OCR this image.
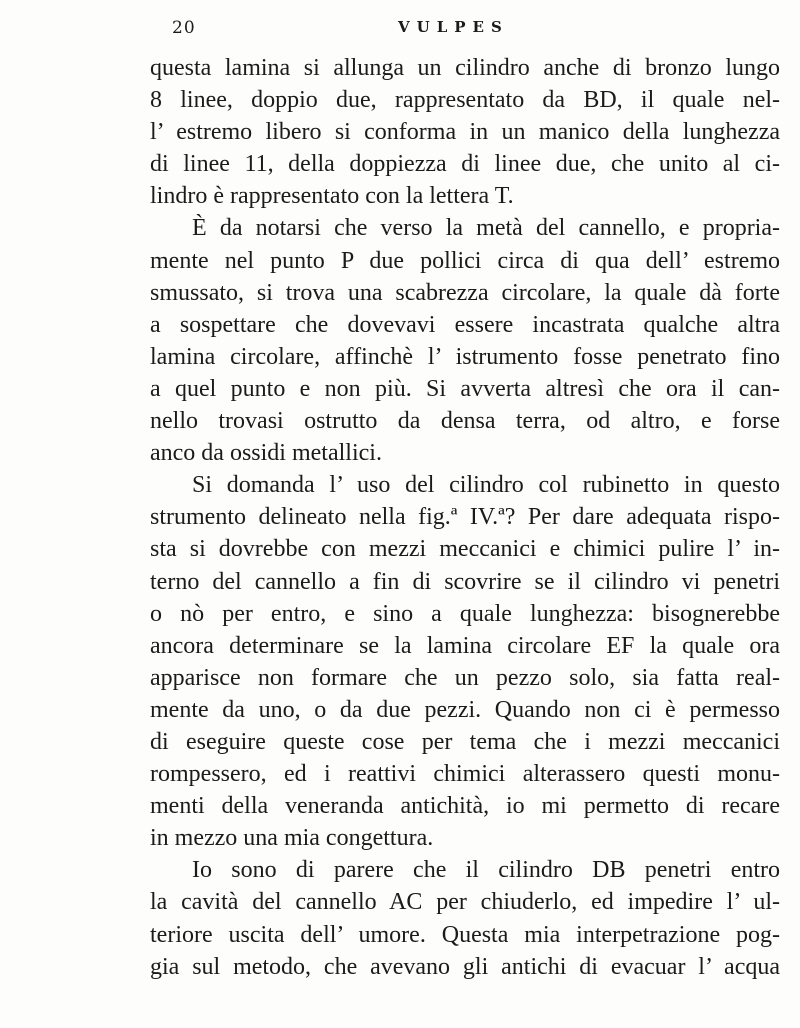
20	VULPES
questa lamina si allunga un cilindro anche di bronzo lungo
8 linee, doppio due, rappresentato da BD, il quale nel-
l’ estremo libero si conforma in un manico della lunghezza
di linee 11, della doppiezza di linee due, che unito al ci-
lindro è rappresentato con la lettera T.
È da notarsi che verso la metà del cannello, e propria-
mente nel punto P due pollici circa di qua dell’ estremo
smussato, si trova una scabrezza circolare, la quale dà forte
a sospettare che dovevavi essere incastrata qualche altra
lamina circolare, affinchè l’ istrumento fosse penetrato fino
a quel punto e non più. Si avverta altresì che ora il can-
nello trovasi ostrutto da densa terra, od altro, e forse
anco da ossidi metallici.
Si domanda l’ uso del cilindro col rubinetto in questo
strumento delineato nella fig.ª IV.ª? Per dare adequata rispo-
sta si dovrebbe con mezzi meccanici e chimici pulire l’ in-
terno del cannello a fin di scovrire se il cilindro vi penetri
o nò per entro, e sino a quale lunghezza: bisognerebbe
ancora determinare se la lamina circolare EF la quale ora
apparisce non formare che un pezzo solo, sia fatta real-
mente da uno, o da due pezzi. Quando non ci è permesso
di eseguire queste cose per tema che i mezzi meccanici
rompessero, ed i reattivi chimici alterassero questi monu-
menti della veneranda antichità, io mi permetto di recare
in mezzo una mia congettura.
Io sono di parere che il cilindro DB penetri entro
la cavità del cannello AC per chiuderlo, ed impedire l’ ul-
teriore uscita dell’ umore. Questa mia interpetrazione pog-
gia sul metodo, che avevano gli antichi di evacuar l’ acqua
